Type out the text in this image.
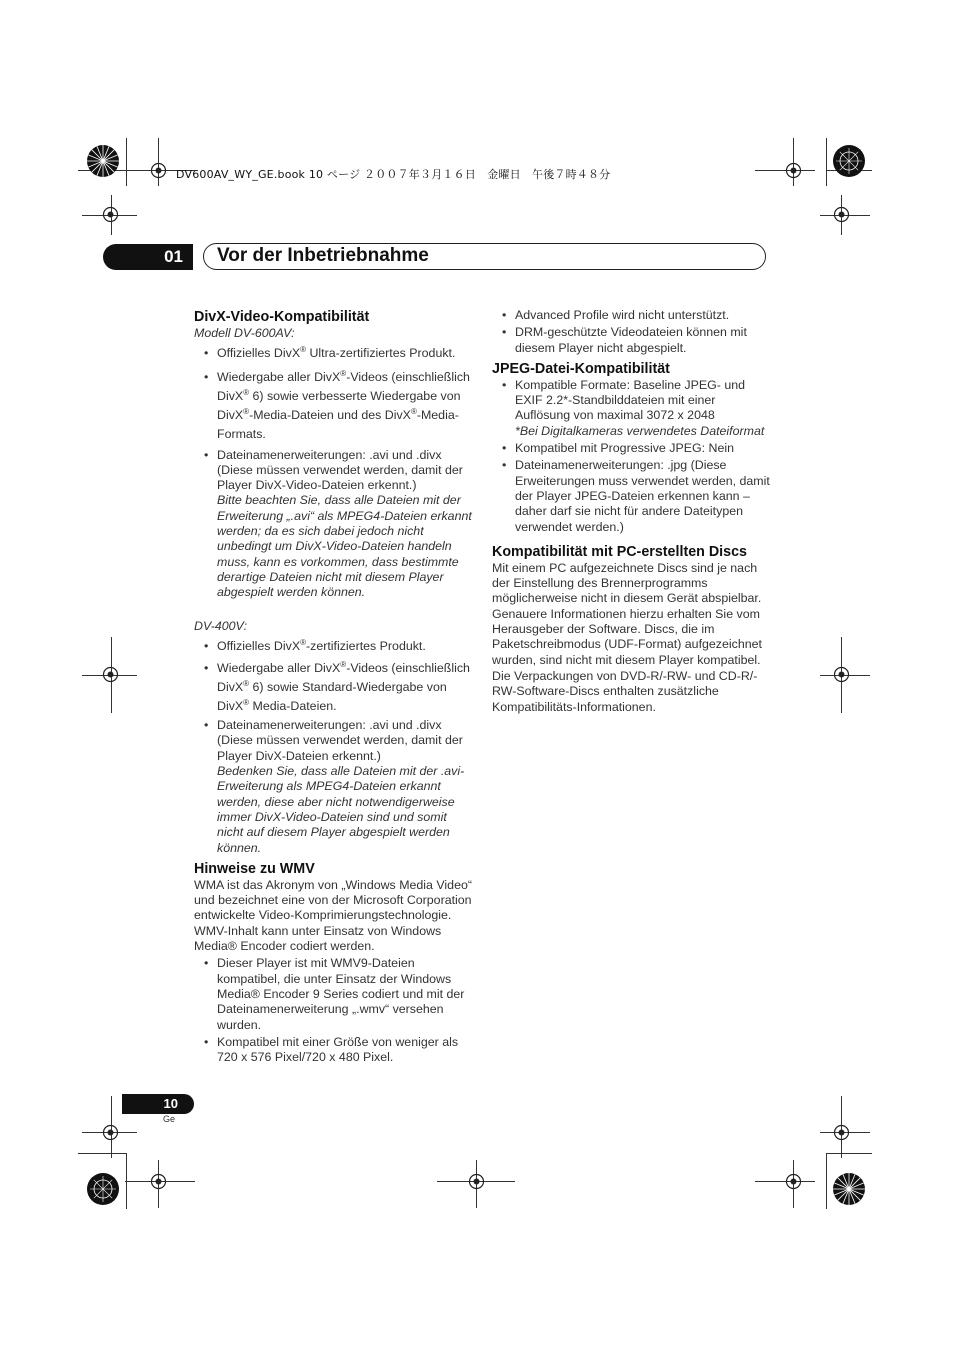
DV600AV_WY_GE.book 10 ページ ２００７年３月１６日　金曜日　午後７時４８分
01	Vor der Inbetriebnahme
DivX-Video-Kompatibilität

Modell DV-600AV:

• Offizielles DivX® Ultra-zertifiziertes Produkt.
• Wiedergabe aller DivX®-Videos (einschließlich DivX® 6) sowie verbesserte Wiedergabe von DivX®-Media-Dateien und des DivX®-Media-Formats.
• Dateinamenerweiterungen: .avi und .divx (Diese müssen verwendet werden, damit der Player DivX-Video-Dateien erkennt.)
Bitte beachten Sie, dass alle Dateien mit der Erweiterung „.avi“ als MPEG4-Dateien erkannt werden; da es sich dabei jedoch nicht unbedingt um DivX-Video-Dateien handeln muss, kann es vorkommen, dass bestimmte derartige Dateien nicht mit diesem Player abgespielt werden können.

DV-400V:

• Offizielles DivX®-zertifiziertes Produkt.
• Wiedergabe aller DivX®-Videos (einschließlich DivX® 6) sowie Standard-Wiedergabe von DivX® Media-Dateien.
• Dateinamenerweiterungen: .avi und .divx (Diese müssen verwendet werden, damit der Player DivX-Dateien erkennt.)
Bedenken Sie, dass alle Dateien mit der .avi-Erweiterung als MPEG4-Dateien erkannt werden, diese aber nicht notwendigerweise immer DivX-Video-Dateien sind und somit nicht auf diesem Player abgespielt werden können.
Hinweise zu WMV

WMA ist das Akronym von „Windows Media Video“ und bezeichnet eine von der Microsoft Corporation entwickelte Video-Komprimierungstechnologie. WMV-Inhalt kann unter Einsatz von Windows Media® Encoder codiert werden.

• Dieser Player ist mit WMV9-Dateien kompatibel, die unter Einsatz der Windows Media® Encoder 9 Series codiert und mit der Dateinamenerweiterung „.wmv“ versehen wurden.
• Kompatibel mit einer Größe von weniger als 720 x 576 Pixel/720 x 480 Pixel.
• Advanced Profile wird nicht unterstützt.
• DRM-geschützte Videodateien können mit diesem Player nicht abgespielt.
JPEG-Datei-Kompatibilität
• Kompatible Formate: Baseline JPEG- und EXIF 2.2*-Standbilddateien mit einer Auflösung von maximal 3072 x 2048
*Bei Digitalkameras verwendetes Dateiformat
• Kompatibel mit Progressive JPEG: Nein
• Dateinamenerweiterungen: .jpg (Diese Erweiterungen muss verwendet werden, damit der Player JPEG-Dateien erkennen kann – daher darf sie nicht für andere Dateitypen verwendet werden.)
Kompatibilität mit PC-erstellten Discs

Mit einem PC aufgezeichnete Discs sind je nach der Einstellung des Brennerprogramms möglicherweise nicht in diesem Gerät abspielbar. Genauere Informationen hierzu erhalten Sie vom Herausgeber der Software. Discs, die im Paketschreibmodus (UDF-Format) aufgezeichnet wurden, sind nicht mit diesem Player kompatibel.

Die Verpackungen von DVD-R/-RW- und CD-R/-RW-Software-Discs enthalten zusätzliche Kompatibilitäts-Informationen.

10
Ge
